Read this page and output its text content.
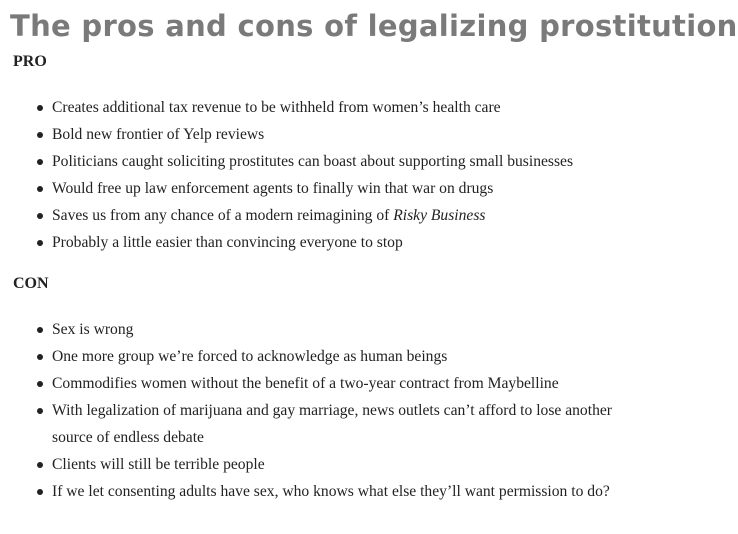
The pros and cons of legalizing prostitution
PRO
Creates additional tax revenue to be withheld from women’s health care
Bold new frontier of Yelp reviews
Politicians caught soliciting prostitutes can boast about supporting small businesses
Would free up law enforcement agents to finally win that war on drugs
Saves us from any chance of a modern reimagining of Risky Business
Probably a little easier than convincing everyone to stop
CON
Sex is wrong
One more group we’re forced to acknowledge as human beings
Commodifies women without the benefit of a two-year contract from Maybelline
With legalization of marijuana and gay marriage, news outlets can’t afford to lose another source of endless debate
Clients will still be terrible people
If we let consenting adults have sex, who knows what else they’ll want permission to do?
